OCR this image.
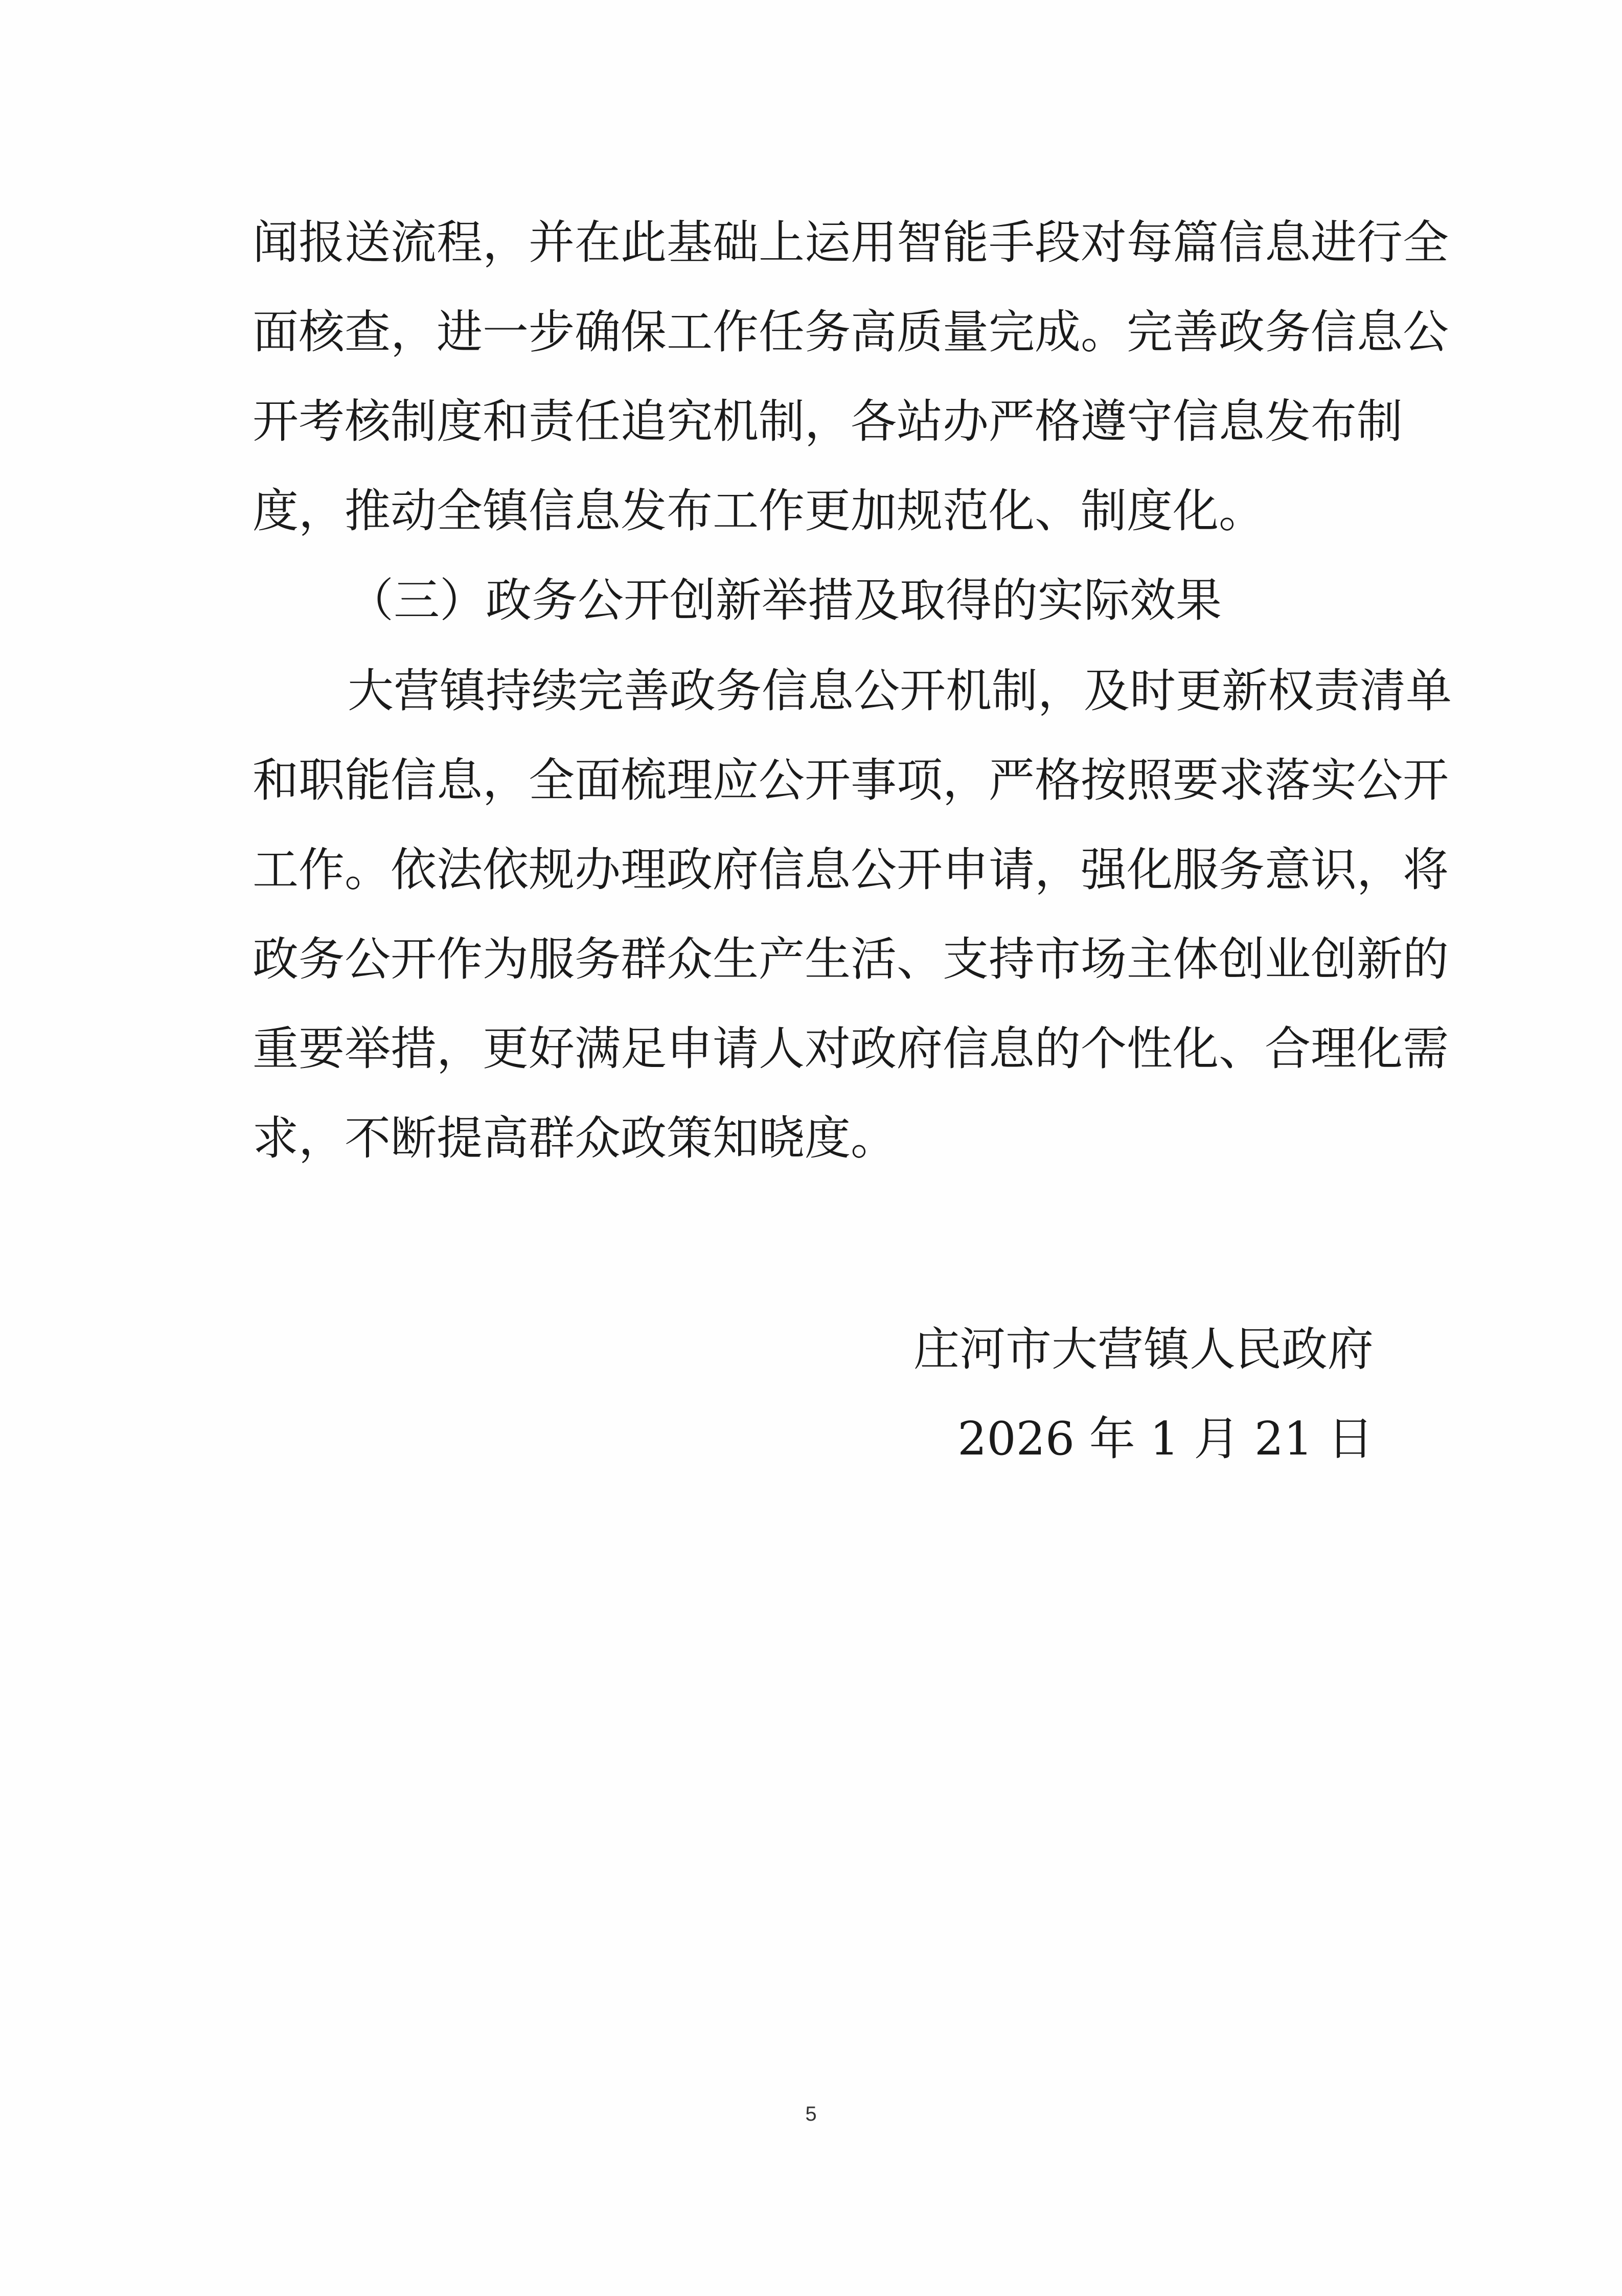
闻报送流程，并在此基础上运用智能手段对每篇信息进行全
面核查，进一步确保工作任务高质量完成。完善政务信息公
开考核制度和责任追究机制，各站办严格遵守信息发布制
度，推动全镇信息发布工作更加规范化、制度化。
（三）政务公开创新举措及取得的实际效果
大营镇持续完善政务信息公开机制，及时更新权责清单
和职能信息，全面梳理应公开事项，严格按照要求落实公开
工作。依法依规办理政府信息公开申请，强化服务意识，将
政务公开作为服务群众生产生活、支持市场主体创业创新的
重要举措，更好满足申请人对政府信息的个性化、合理化需
求，不断提高群众政策知晓度。
庄河市大营镇人民政府
2026 年 1 月 21 日
5
